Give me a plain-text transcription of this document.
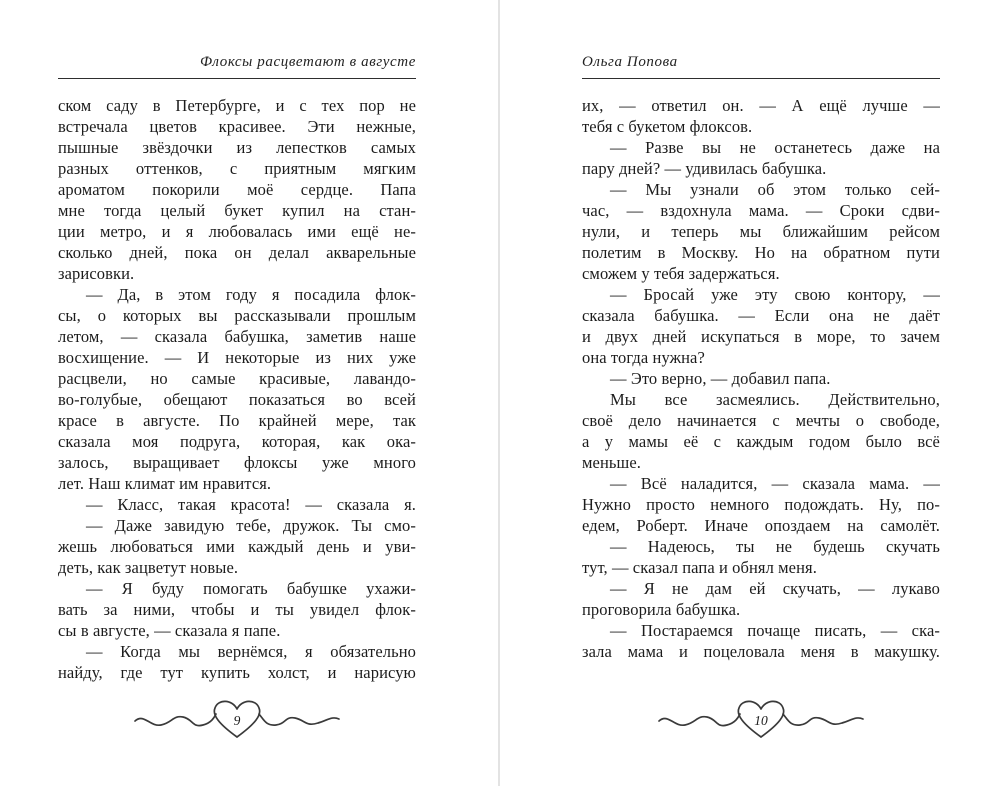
Флоксы расцветают в августе
ском саду в Петербурге, и с тех пор не
встречала цветов красивее. Эти нежные,
пышные звёздочки из лепестков самых
разных оттенков, с приятным мягким
ароматом покорили моё сердце. Папа
мне тогда целый букет купил на стан-
ции метро, и я любовалась ими ещё не-
сколько дней, пока он делал акварельные
зарисовки.
— Да, в этом году я посадила флок-
сы, о которых вы рассказывали прошлым
летом, — сказала бабушка, заметив наше
восхищение. — И некоторые из них уже
расцвели, но самые красивые, лавандо-
во-голубые, обещают показаться во всей
красе в августе. По крайней мере, так
сказала моя подруга, которая, как ока-
залось, выращивает флоксы уже много
лет. Наш климат им нравится.
— Класс, такая красота! — сказала я.
— Даже завидую тебе, дружок. Ты смо-
жешь любоваться ими каждый день и уви-
деть, как зацветут новые.
— Я буду помогать бабушке ухажи-
вать за ними, чтобы и ты увидел флок-
сы в августе, — сказала я папе.
— Когда мы вернёмся, я обязательно
найду, где тут купить холст, и нарисую
9
Ольга Попова
их, — ответил он. — А ещё лучше —
тебя с букетом флоксов.
— Разве вы не останетесь даже на
пару дней? — удивилась бабушка.
— Мы узнали об этом только сей-
час, — вздохнула мама. — Сроки сдви-
нули, и теперь мы ближайшим рейсом
полетим в Москву. Но на обратном пути
сможем у тебя задержаться.
— Бросай уже эту свою контору, —
сказала бабушка. — Если она не даёт
и двух дней искупаться в море, то зачем
она тогда нужна?
— Это верно, — добавил папа.
Мы все засмеялись. Действительно,
своё дело начинается с мечты о свободе,
а у мамы её с каждым годом было всё
меньше.
— Всё наладится, — сказала мама. —
Нужно просто немного подождать. Ну, по-
едем, Роберт. Иначе опоздаем на самолёт.
— Надеюсь, ты не будешь скучать
тут, — сказал папа и обнял меня.
— Я не дам ей скучать, — лукаво
проговорила бабушка.
— Постараемся почаще писать, — ска-
зала мама и поцеловала меня в макушку.
10
